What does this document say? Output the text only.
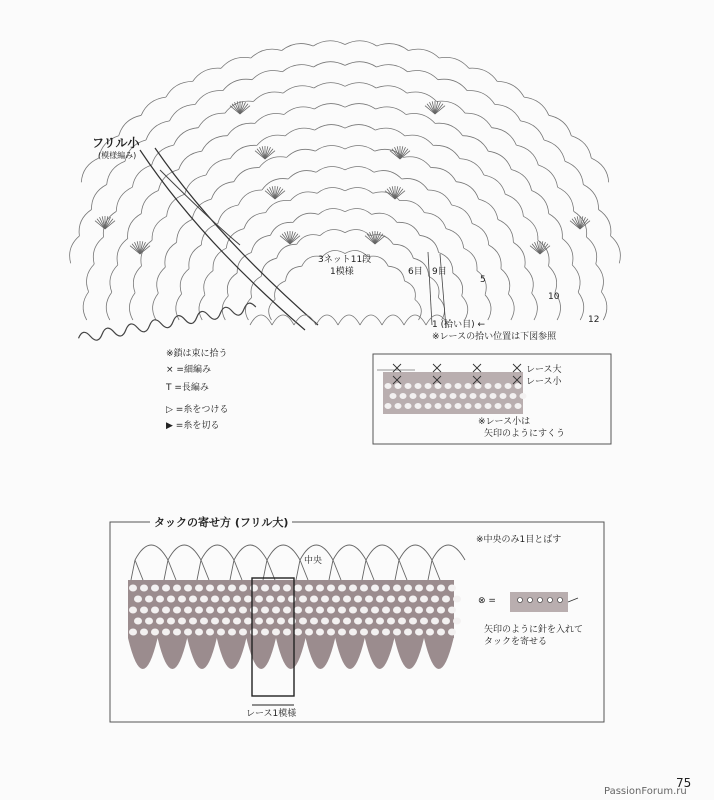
フリル小
(模様編み)
3ネット11段
1模様	6目 9目
5
10
12
1 (拾い目) ←
※レースの拾い位置は下図参照
※鎖は束に拾う
× =細編み
T =長編み
▷ =糸をつける
▶ =糸を切る
レース大
レース小
※レース小は
矢印のようにすくう
タックの寄せ方 (フリル大)
中央
※中央のみ1目とばす
⊗ =
矢印のように針を入れて
タックを寄せる
レース1模様
75
PassionForum.ru
